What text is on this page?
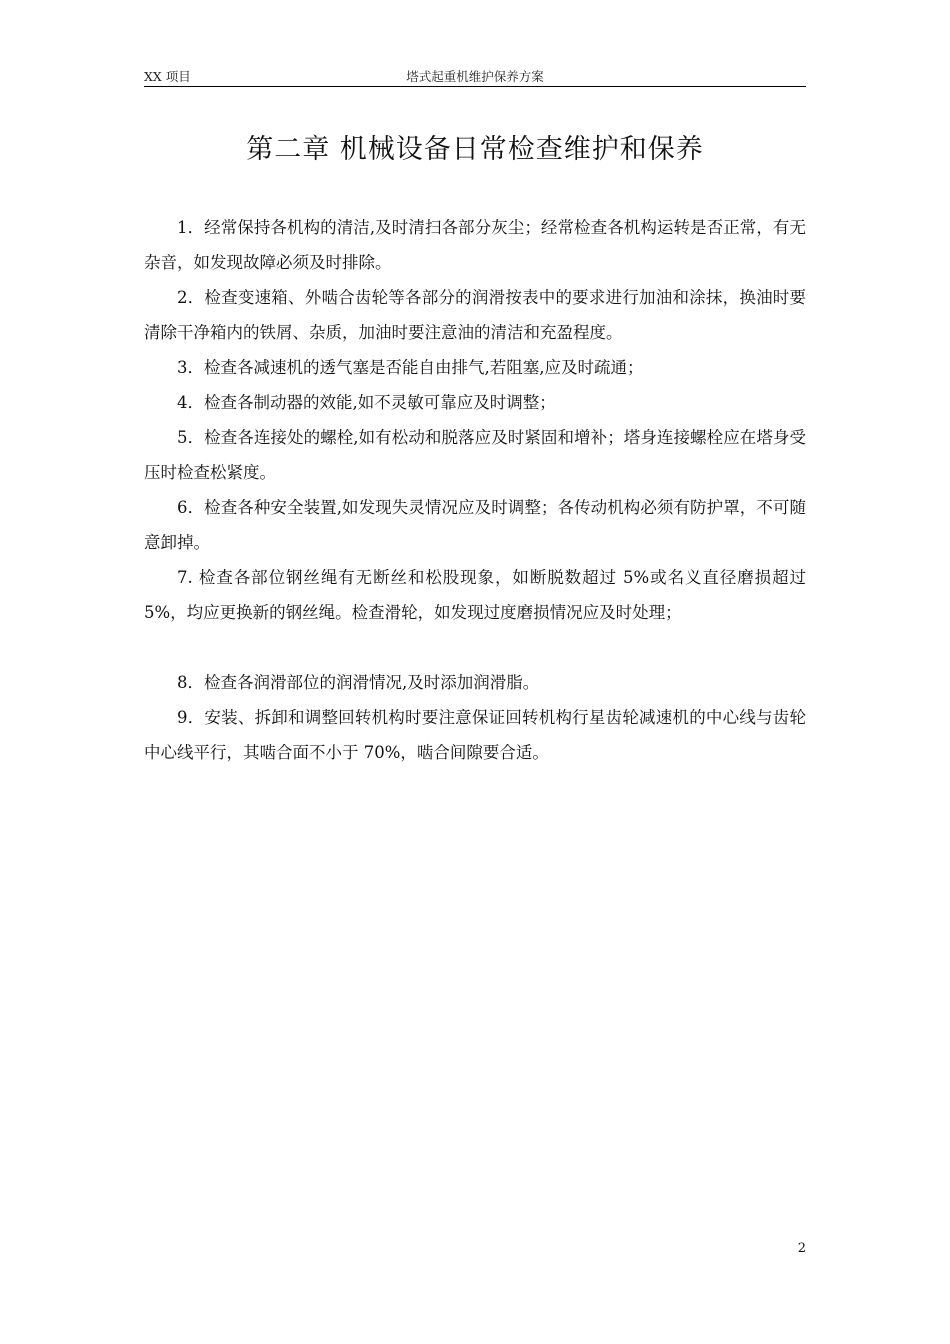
XX 项目	塔式起重机维护保养方案
第二章 机械设备日常检查维护和保养

1．经常保持各机构的清洁,及时清扫各部分灰尘；经常检查各机构运转是否正常，有无杂音，如发现故障必须及时排除。

2．检查变速箱、外啮合齿轮等各部分的润滑按表中的要求进行加油和涂抹，换油时要清除干净箱内的铁屑、杂质，加油时要注意油的清洁和充盈程度。

3．检查各减速机的透气塞是否能自由排气,若阻塞,应及时疏通；

4．检查各制动器的效能,如不灵敏可靠应及时调整；

5．检查各连接处的螺栓,如有松动和脱落应及时紧固和增补；塔身连接螺栓应在塔身受压时检查松紧度。

6．检查各种安全装置,如发现失灵情况应及时调整；各传动机构必须有防护罩，不可随意卸掉。

7. 检查各部位钢丝绳有无断丝和松股现象，如断脱数超过 5%或名义直径磨损超过 5%，均应更换新的钢丝绳。检查滑轮，如发现过度磨损情况应及时处理；

8．检查各润滑部位的润滑情况,及时添加润滑脂。

9．安装、拆卸和调整回转机构时要注意保证回转机构行星齿轮减速机的中心线与齿轮中心线平行，其啮合面不小于 70%，啮合间隙要合适。

2
